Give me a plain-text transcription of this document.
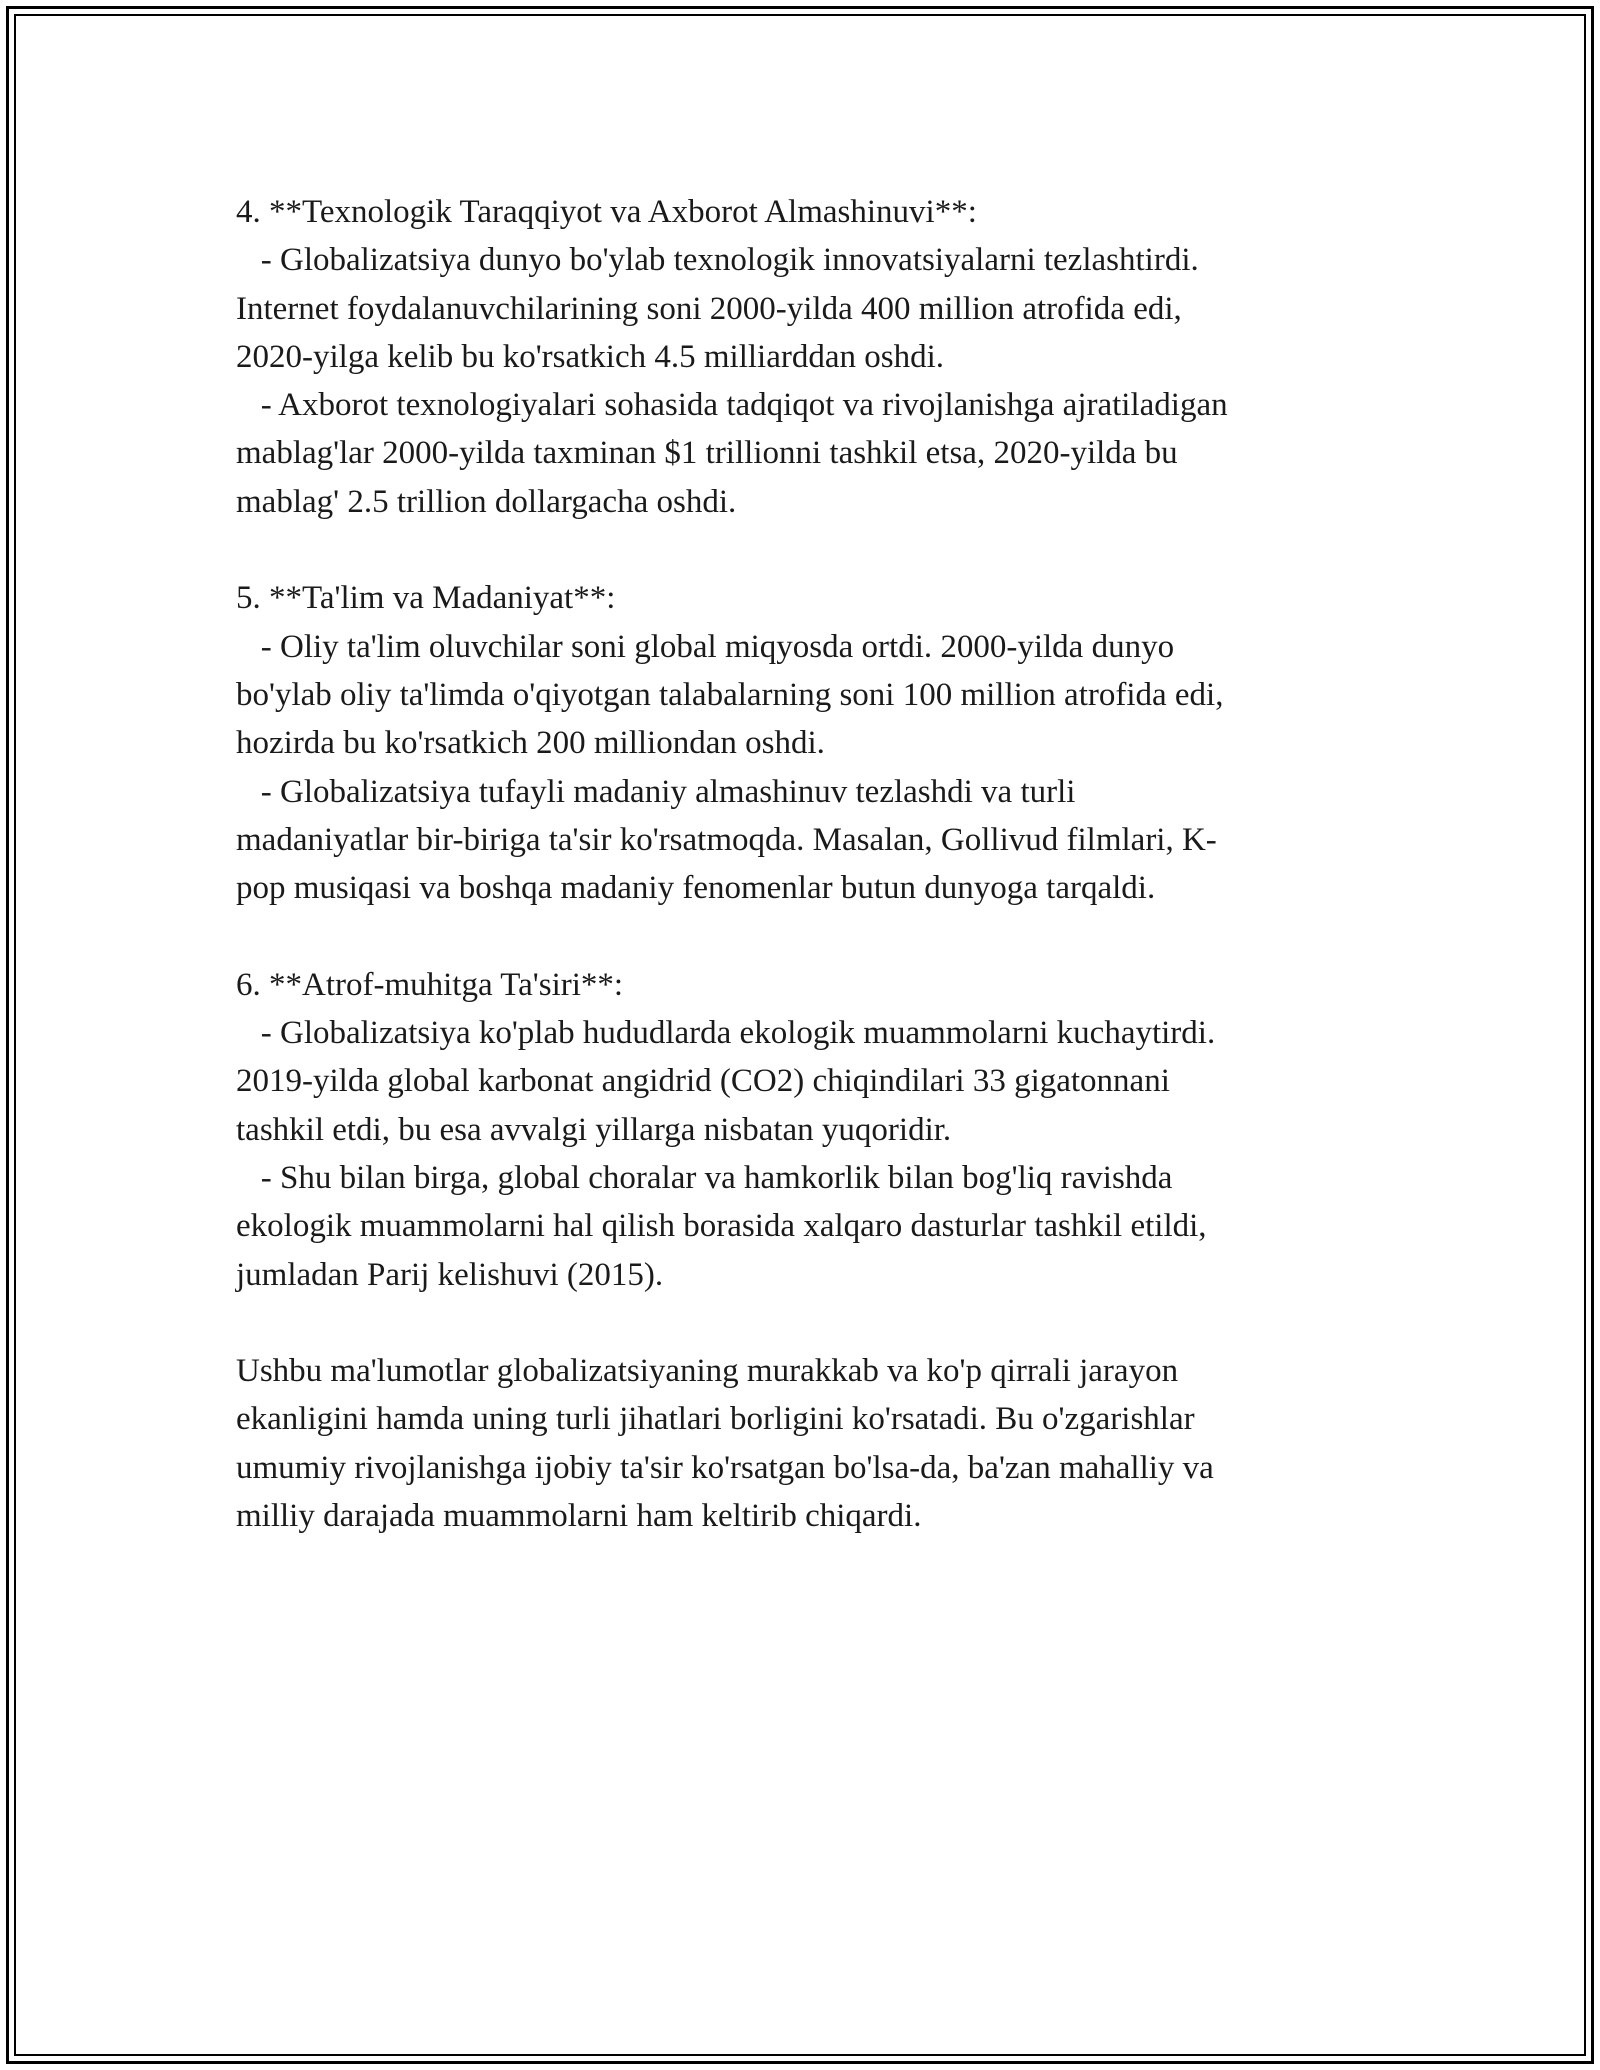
4. **Texnologik Taraqqiyot va Axborot Almashinuvi**:
- Globalizatsiya dunyo bo'ylab texnologik innovatsiyalarni tezlashtirdi.
Internet foydalanuvchilarining soni 2000-yilda 400 million atrofida edi,
2020-yilga kelib bu ko'rsatkich 4.5 milliarddan oshdi.
- Axborot texnologiyalari sohasida tadqiqot va rivojlanishga ajratiladigan
mablag'lar 2000-yilda taxminan $1 trillionni tashkil etsa, 2020-yilda bu
mablag' 2.5 trillion dollargacha oshdi.
5. **Ta'lim va Madaniyat**:
- Oliy ta'lim oluvchilar soni global miqyosda ortdi. 2000-yilda dunyo
bo'ylab oliy ta'limda o'qiyotgan talabalarning soni 100 million atrofida edi,
hozirda bu ko'rsatkich 200 milliondan oshdi.
- Globalizatsiya tufayli madaniy almashinuv tezlashdi va turli
madaniyatlar bir-biriga ta'sir ko'rsatmoqda. Masalan, Gollivud filmlari, K-
pop musiqasi va boshqa madaniy fenomenlar butun dunyoga tarqaldi.
6. **Atrof-muhitga Ta'siri**:
- Globalizatsiya ko'plab hududlarda ekologik muammolarni kuchaytirdi.
2019-yilda global karbonat angidrid (CO2) chiqindilari 33 gigatonnani
tashkil etdi, bu esa avvalgi yillarga nisbatan yuqoridir.
- Shu bilan birga, global choralar va hamkorlik bilan bog'liq ravishda
ekologik muammolarni hal qilish borasida xalqaro dasturlar tashkil etildi,
jumladan Parij kelishuvi (2015).
Ushbu ma'lumotlar globalizatsiyaning murakkab va ko'p qirrali jarayon
ekanligini hamda uning turli jihatlari borligini ko'rsatadi. Bu o'zgarishlar
umumiy rivojlanishga ijobiy ta'sir ko'rsatgan bo'lsa-da, ba'zan mahalliy va
milliy darajada muammolarni ham keltirib chiqardi.
